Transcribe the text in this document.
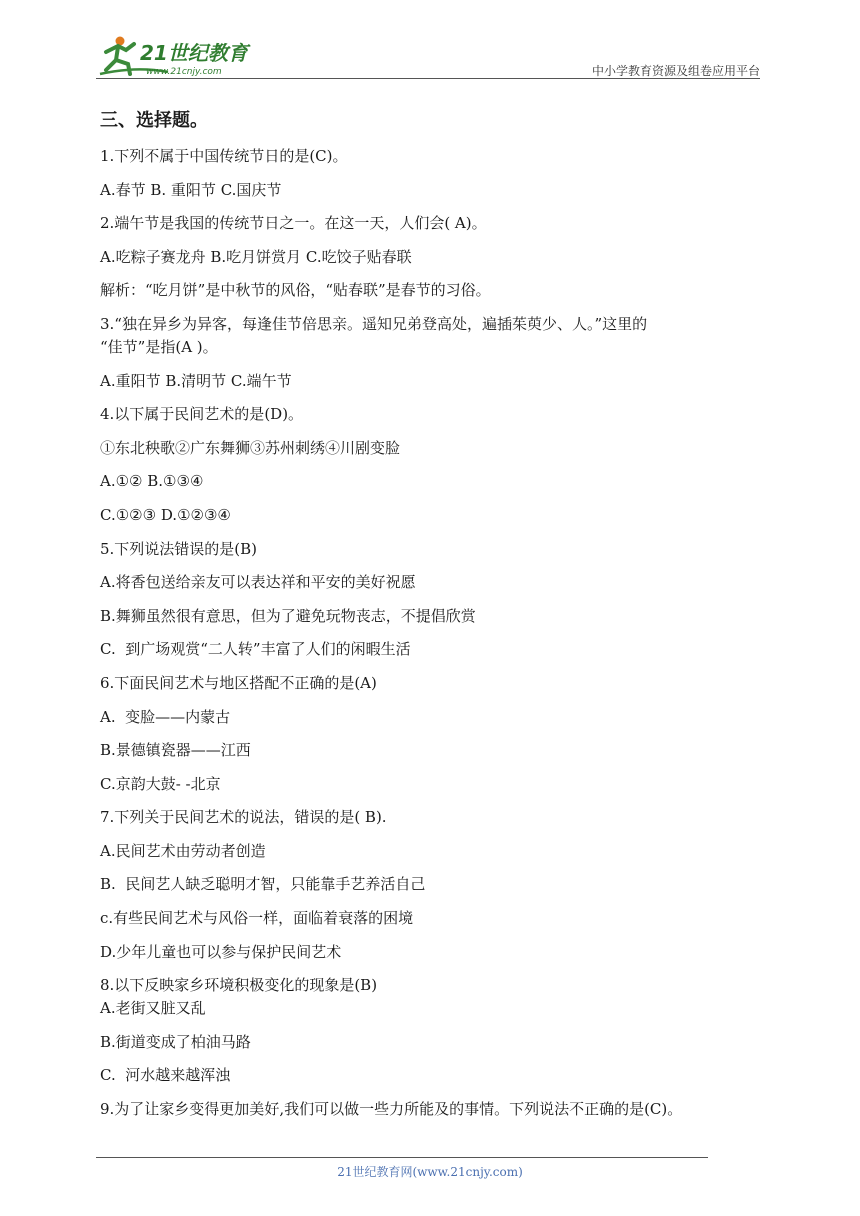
21世纪教育
www.21cnjy.com	中小学教育资源及组卷应用平台
三、选择题。
1.下列不属于中国传统节日的是(C)。
A.春节 B. 重阳节 C.国庆节
2.端午节是我国的传统节日之一。在这一天，人们会( A)。
A.吃粽子赛龙舟 B.吃月饼赏月 C.吃饺子贴春联
解析：“吃月饼”是中秋节的风俗，“贴春联”是春节的习俗。
3.“独在异乡为异客，每逢佳节倍思亲。遥知兄弟登高处，遍插茱萸少、人。”这里的
“佳节”是指(A )。
A.重阳节 B.清明节 C.端午节
4.以下属于民间艺术的是(D)。
①东北秧歌②广东舞狮③苏州刺绣④川剧变脸
A.①② B.①③④
C.①②③ D.①②③④
5.下列说法错误的是(B)
A.将香包送给亲友可以表达祥和平安的美好祝愿
B.舞狮虽然很有意思，但为了避免玩物丧志，不提倡欣赏
C.  到广场观赏“二人转”丰富了人们的闲暇生活
6.下面民间艺术与地区搭配不正确的是(A)
A.  变脸——内蒙古
B.景德镇瓷器——江西
C.京韵大鼓- -北京
7.下列关于民间艺术的说法，错误的是( B).
A.民间艺术由劳动者创造
B.  民间艺人缺乏聪明才智，只能靠手艺养活自己
c.有些民间艺术与风俗一样，面临着衰落的困境
D.少年儿童也可以参与保护民间艺术
8.以下反映家乡环境积极变化的现象是(B)
A.老街又脏又乱
B.街道变成了柏油马路
C.  河水越来越浑浊
9.为了让家乡变得更加美好,我们可以做一些力所能及的事情。下列说法不正确的是(C)。
21世纪教育网(www.21cnjy.com)
